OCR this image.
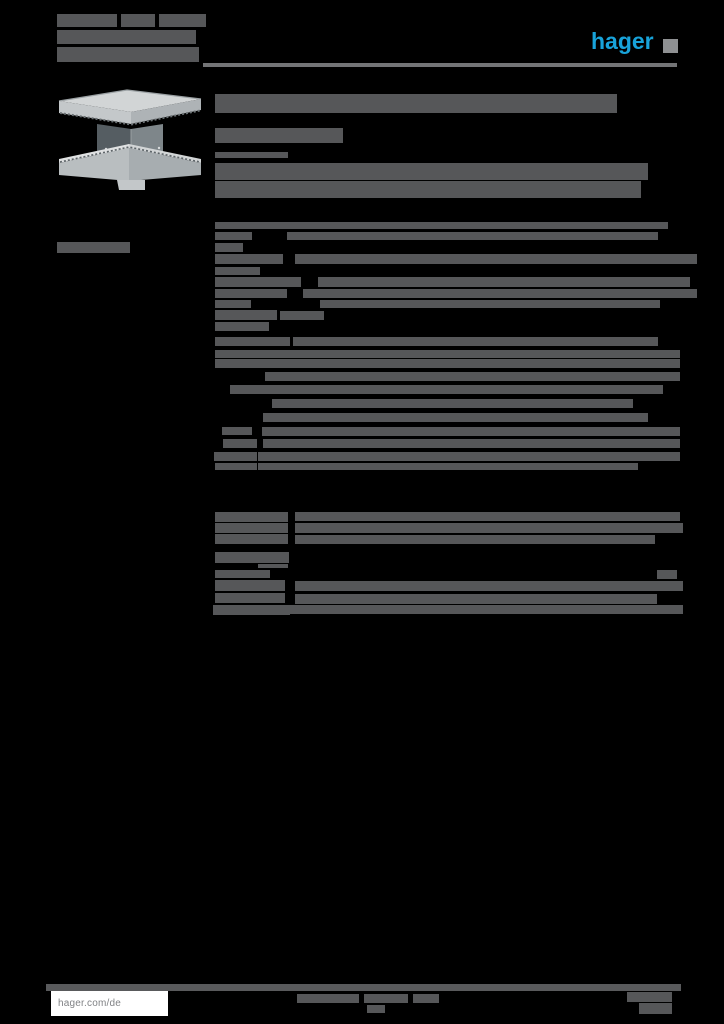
hager
hager.com/de
